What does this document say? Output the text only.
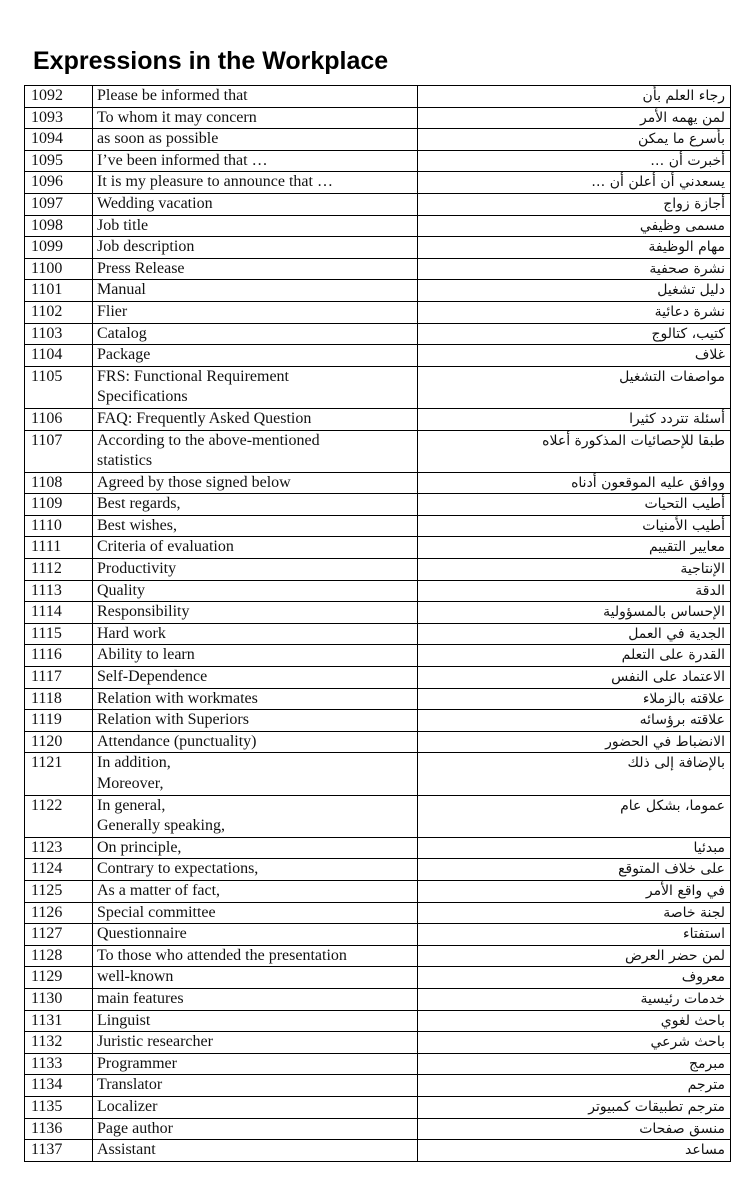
Expressions in the Workplace
1092	Please be informed that	رجاء العلم بأن
1093	To whom it may concern	لمن يهمه الأمر
1094	as soon as possible	بأسرع ما يمكن
1095	I’ve been informed that …	أخبرت أن …
1096	It is my pleasure to announce that …	يسعدني أن أعلن أن …
1097	Wedding vacation	أجازة زواج
1098	Job title	مسمى وظيفي
1099	Job description	مهام الوظيفة
1100	Press Release	نشرة صحفية
1101	Manual	دليل تشغيل
1102	Flier	نشرة دعائية
1103	Catalog	كتيب، كتالوج
1104	Package	غلاف
1105	FRS: Functional Requirement
Specifications	مواصفات التشغيل
1106	FAQ: Frequently Asked Question	أسئلة تتردد كثيرا
1107	According to the above-mentioned
statistics	طبقا للإحصائيات المذكورة أعلاه
1108	Agreed by those signed below	ووافق عليه الموقعون أدناه
1109	Best regards,	أطيب التحيات
1110	Best wishes,	أطيب الأمنيات
1111	Criteria of evaluation	معايير التقييم
1112	Productivity	الإنتاجية
1113	Quality	الدقة
1114	Responsibility	الإحساس بالمسؤولية
1115	Hard work	الجدية في العمل
1116	Ability to learn	القدرة على التعلم
1117	Self-Dependence	الاعتماد على النفس
1118	Relation with workmates	علاقته بالزملاء
1119	Relation with Superiors	علاقته برؤسائه
1120	Attendance (punctuality)	الانضباط في الحضور
1121	In addition,
Moreover,	بالإضافة إلى ذلك
1122	In general,
Generally speaking,	عموما، بشكل عام
1123	On principle,	مبدئيا
1124	Contrary to expectations,	على خلاف المتوقع
1125	As a matter of fact,	في واقع الأمر
1126	Special committee	لجنة خاصة
1127	Questionnaire	استفتاء
1128	To those who attended the presentation	لمن حضر العرض
1129	well-known	معروف
1130	main features	خدمات رئيسية
1131	Linguist	باحث لغوي
1132	Juristic researcher	باحث شرعي
1133	Programmer	مبرمج
1134	Translator	مترجم
1135	Localizer	مترجم تطبيقات كمبيوتر
1136	Page author	منسق صفحات
1137	Assistant	مساعد
